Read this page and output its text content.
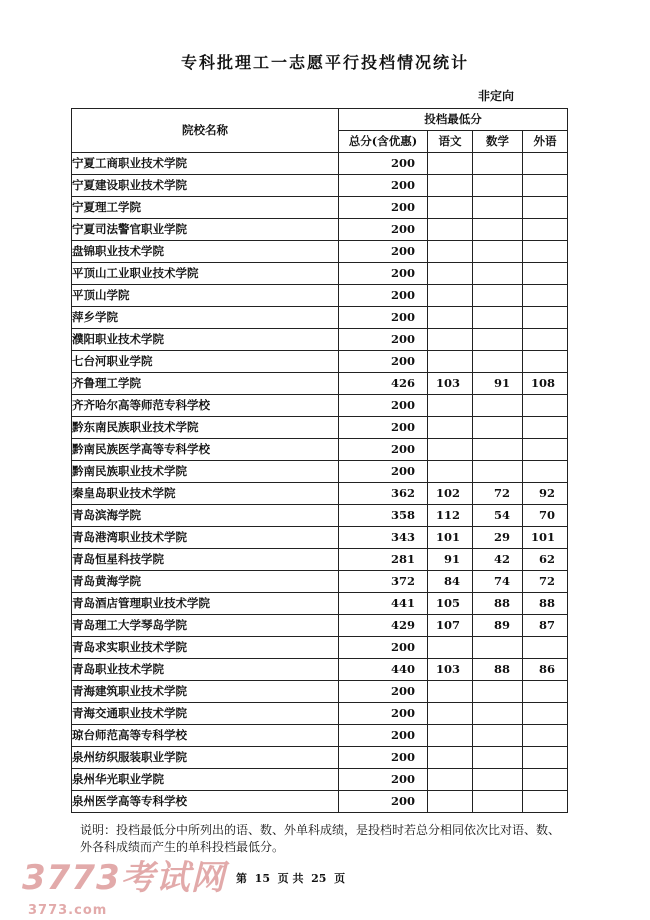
专科批理工一志愿平行投档情况统计
非定向
院校名称	投档最低分			
	总分(含优惠)	语文	数学	外语
宁夏工商职业技术学院	200			
宁夏建设职业技术学院	200			
宁夏理工学院	200			
宁夏司法警官职业学院	200			
盘锦职业技术学院	200			
平顶山工业职业技术学院	200			
平顶山学院	200			
萍乡学院	200			
濮阳职业技术学院	200			
七台河职业学院	200			
齐鲁理工学院	426	103	91	108
齐齐哈尔高等师范专科学校	200			
黔东南民族职业技术学院	200			
黔南民族医学高等专科学校	200			
黔南民族职业技术学院	200			
秦皇岛职业技术学院	362	102	72	92
青岛滨海学院	358	112	54	70
青岛港湾职业技术学院	343	101	29	101
青岛恒星科技学院	281	91	42	62
青岛黄海学院	372	84	74	72
青岛酒店管理职业技术学院	441	105	88	88
青岛理工大学琴岛学院	429	107	89	87
青岛求实职业技术学院	200			
青岛职业技术学院	440	103	88	86
青海建筑职业技术学院	200			
青海交通职业技术学院	200			
琼台师范高等专科学校	200			
泉州纺织服装职业学院	200			
泉州华光职业学院	200			
泉州医学高等专科学校	200			
说明：投档最低分中所列出的语、数、外单科成绩，是投档时若总分相同依次比对语、数、外各科成绩而产生的单科投档最低分。
第  15  页 共  25  页
3773考试网
3773.com
